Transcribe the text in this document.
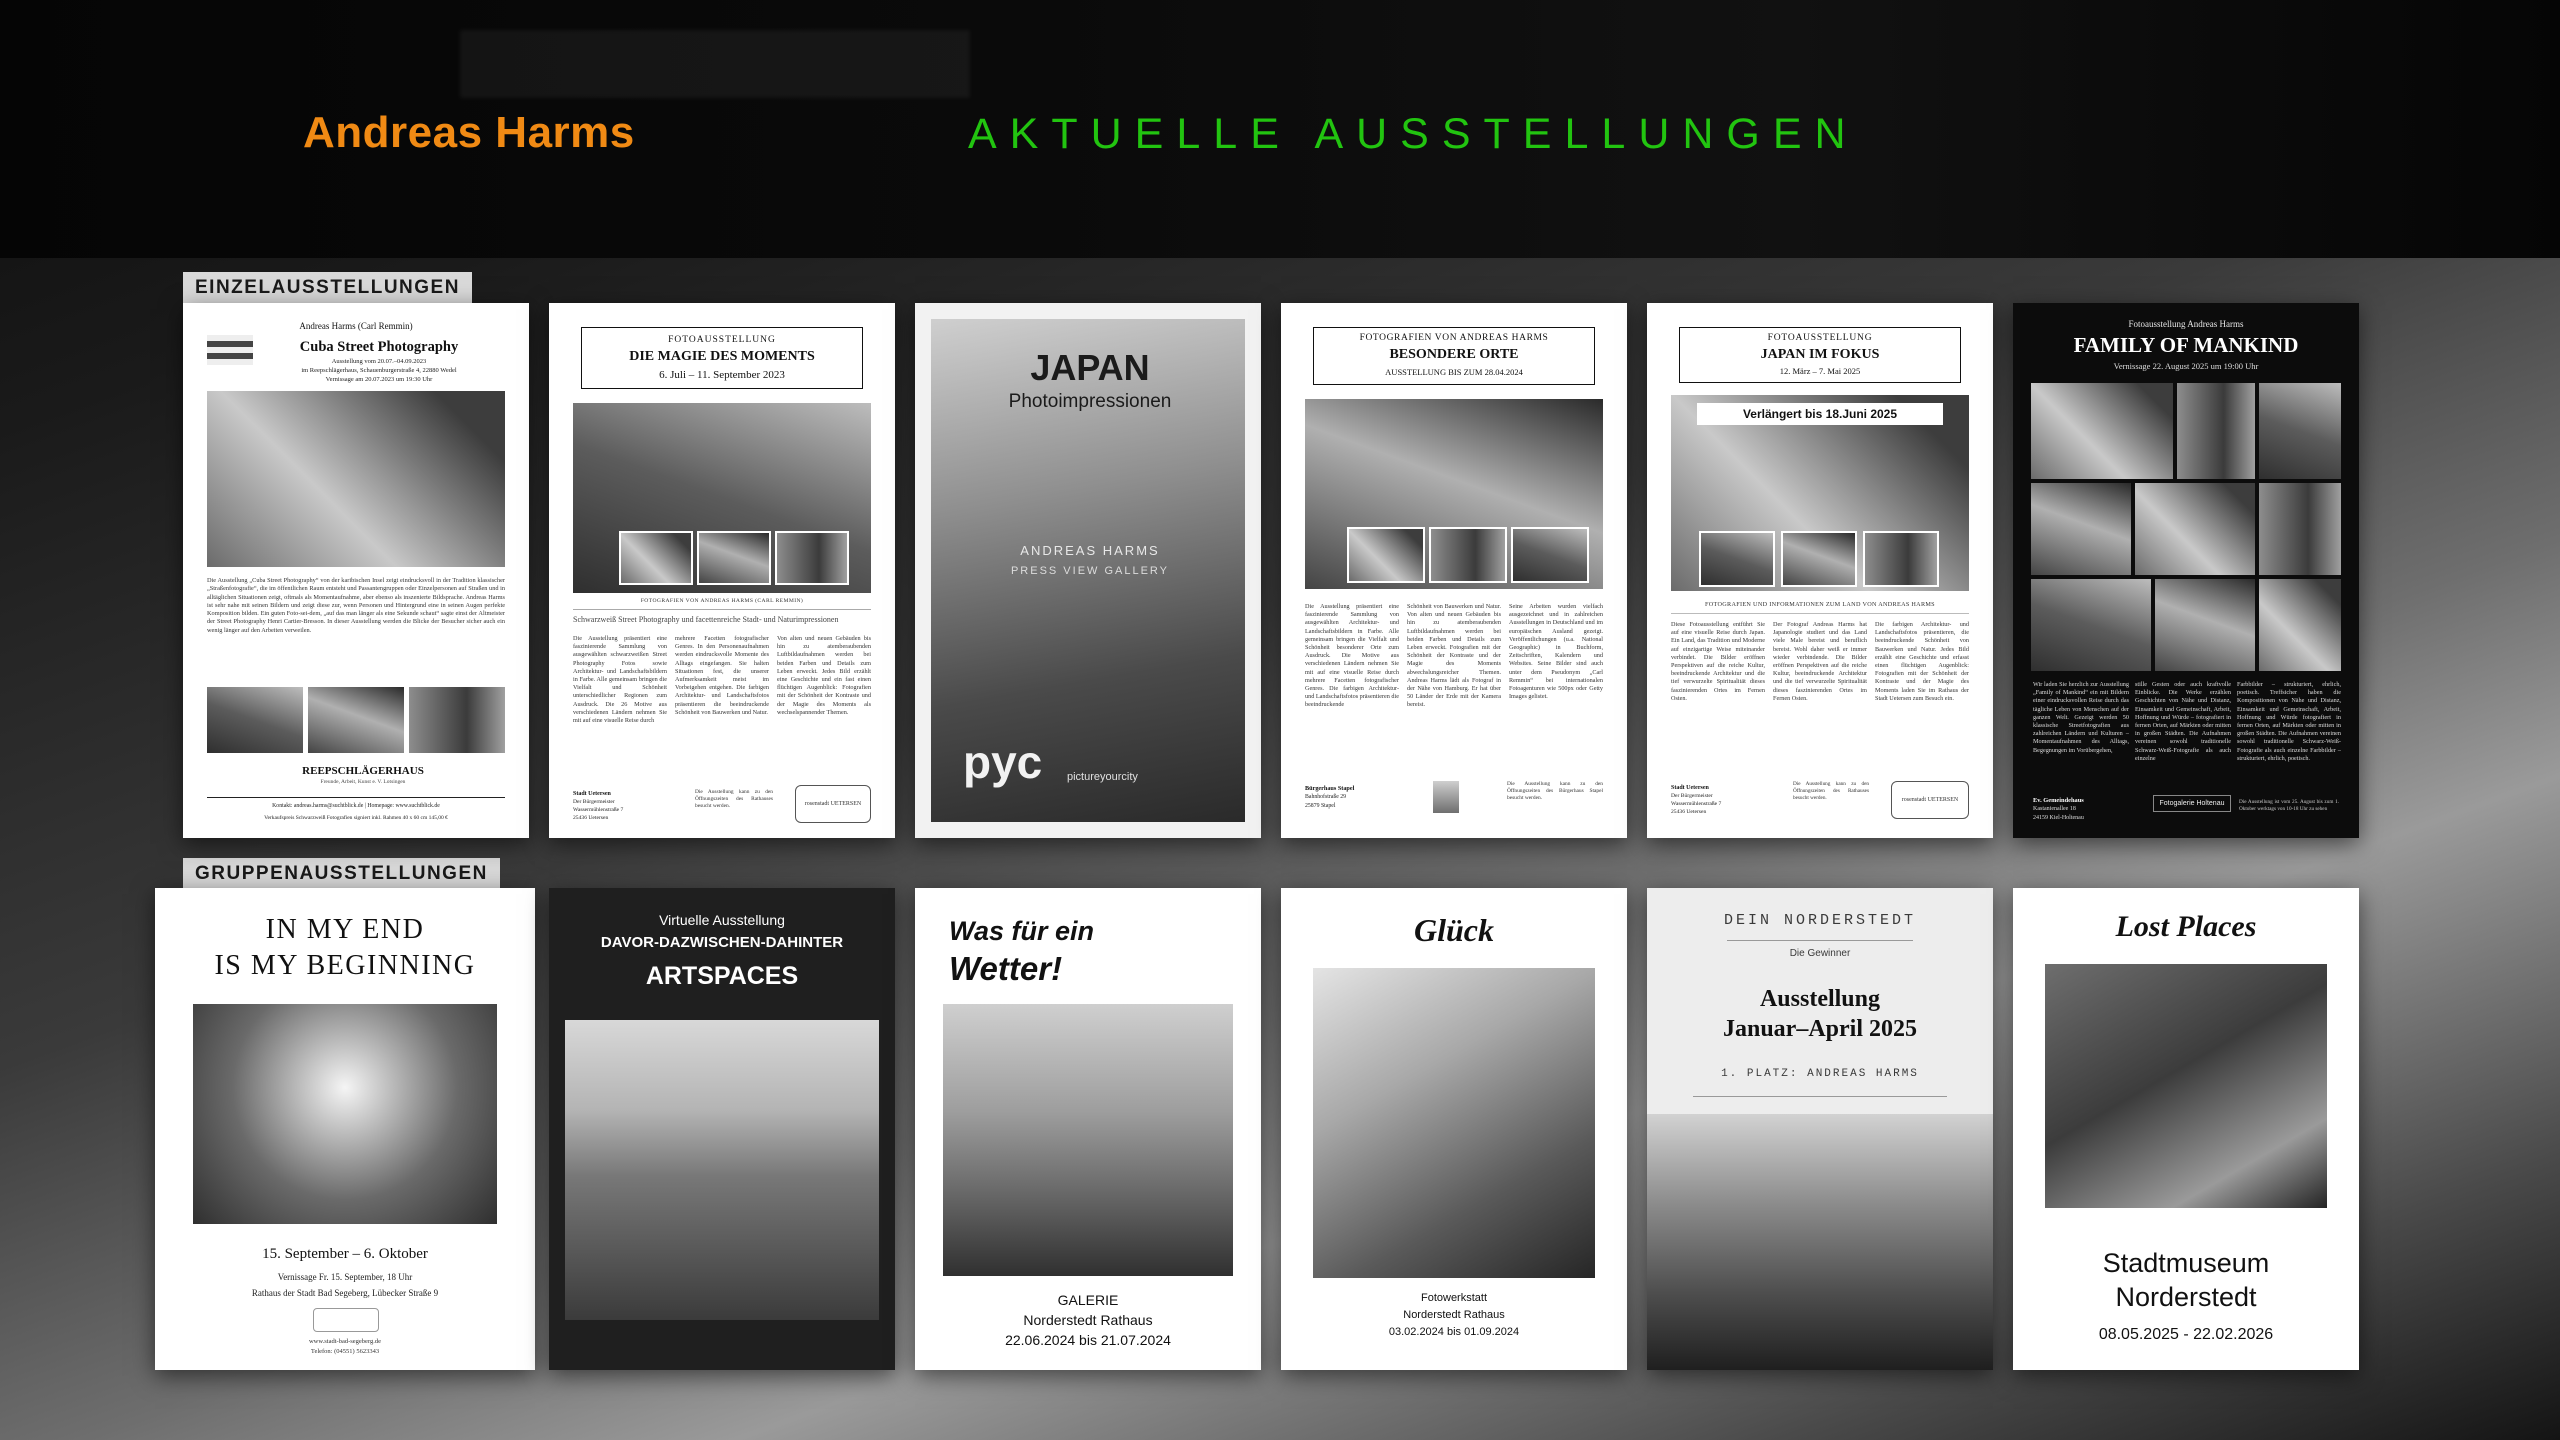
Andreas Harms	AKTUELLE AUSSTELLUNGEN
EINZELAUSSTELLUNGEN
GRUPPENAUSSTELLUNGEN
Andreas Harms (Carl Remmin)
Cuba Street Photography
Ausstellung vom 20.07.–04.09.2023
im Reepschlägerhaus, Schauenburgerstraße 4, 22880 Wedel
Vernissage am 20.07.2023 um 19:30 Uhr
Die Ausstellung „Cuba Street Photography“ von der karibischen Insel zeigt eindrucksvoll in der Tradition klassischer „Straßenfotografie“, die im öffentlichen Raum entsteht und Passantengruppen oder Einzelpersonen auf Straßen und in alltäglichen Situationen zeigt, oftmals als Momentaufnahme, aber ebenso als inszenierte Bildsprache. Andreas Harms ist sehr nahe mit seinen Bildern und zeigt diese zur, wenn Personen und Hintergrund eine in seinen Augen perfekte Komposition bilden. Ein guten Foto-sei-dem, „auf das man länger als eine Sekunde schaut“ sagte einst der Altmeister der Street Photography Henri Cartier-Bresson. In dieser Ausstellung werden die Blicke der Besucher sicher auch ein wenig länger auf den Arbeiten verweilen.
REEPSCHLÄGERHAUS
Freunde, Arbeit, Kunst e. V. Lotsingen
Kontakt: andreas.harms@suchtblick.de | Homepage: www.suchtblick.de
Verkaufspreis Schwarzweiß Fotografien signiert inkl. Rahmen 40 x 60 cm 145,00 €
FOTOAUSSTELLUNG
DIE MAGIE DES MOMENTS
6. Juli – 11. September 2023
FOTOGRAFIEN VON ANDREAS HARMS (CARL REMMIN)
Schwarzweiß Street Photography und facettenreiche Stadt- und Naturimpressionen
Die Ausstellung präsentiert eine faszinierende Sammlung von ausgewählten schwarzweißen Street Photography Fotos sowie Architektur- und Landschaftsbildern in Farbe. Alle gemeinsam bringen die Vielfalt und Schönheit unterschiedlicher Regionen zum Ausdruck. Die 26 Motive aus verschiedenen Ländern nehmen Sie mit auf eine visuelle Reise durch
mehrere Facetten fotografischer Genres. In den Personenaufnahmen werden eindrucksvolle Momente des Alltags eingefangen. Sie halten Situationen fest, die unserer Aufmerksamkeit meist im Vorbeigehen entgehen. Die farbigen Architektur- und Landschaftsfotos präsentieren die beeindruckende Schönheit von Bauwerken und Natur.
Von alten und neuen Gebäuden bis hin zu atemberaubenden Luftbildaufnahmen werden bei beiden Farben und Details zum Leben erweckt. Jedes Bild erzählt eine Geschichte und ein fast einen flüchtigen Augenblick: Fotografien mit der Schönheit der Kontraste und der Magie des Moments als wechselspannender Themen.
Stadt Uetersen
Der Bürgermeister
Wassermühlenstraße 7
25436 Uetersen
Die Ausstellung kann zu den Öffnungszeiten des Rathauses besucht werden.	rosenstadt UETERSEN
JAPAN
Photoimpressionen
ANDREAS HARMS
PRESS VIEW GALLERY
pyc pictureyourcity
FOTOGRAFIEN VON ANDREAS HARMS
BESONDERE ORTE
AUSSTELLUNG BIS ZUM 28.04.2024
Die Ausstellung präsentiert eine faszinierende Sammlung von ausgewählten Architektur- und Landschaftsbildern in Farbe. Alle gemeinsam bringen die Vielfalt und Schönheit besonderer Orte zum Ausdruck. Die Motive aus verschiedenen Ländern nehmen Sie mit auf eine visuelle Reise durch mehrere Facetten fotografischer Genres. Die farbigen Architektur- und Landschaftsfotos präsentieren die beeindruckende
Schönheit von Bauwerken und Natur. Von alten und neuen Gebäuden bis hin zu atemberaubenden Luftbildaufnahmen werden bei beiden Farben und Details zum Leben erweckt. Fotografien mit der Schönheit der Kontraste und der Magie des Moments abwechslungsreicher Themen. Andreas Harms lädt als Fotograf in der Nähe von Hamburg. Er hat über 50 Länder der Erde mit der Kamera bereist.
Seine Arbeiten wurden vielfach ausgezeichnet und in zahlreichen Ausstellungen in Deutschland und im europäischen Ausland gezeigt. Veröffentlichungen (u.a. National Geographic) in Buchform, Zeitschriften, Kalendern und Websites. Seine Bilder sind auch unter dem Pseudonym „Carl Remmin“ bei internationalen Fotoagenturen wie 500px oder Getty Images gelistet.
Bürgerhaus Stapel
Bahnhofstraße 29
25879 Stapel
Die Ausstellung kann zu den Öffnungszeiten des Bürgerhaus Stapel besucht werden.
FOTOAUSSTELLUNG
JAPAN IM FOKUS
12. März – 7. Mai 2025
Verlängert bis 18.Juni 2025
FOTOGRAFIEN UND INFORMATIONEN ZUM LAND VON ANDREAS HARMS
Diese Fotoausstellung entführt Sie auf eine visuelle Reise durch Japan. Ein Land, das Tradition und Moderne auf einzigartige Weise miteinander verbindet. Die Bilder eröffnen Perspektiven auf die reiche Kultur, beeindruckende Architektur und die tief verwurzelte Spiritualität dieses faszinierenden Ortes im Fernen Osten.
Der Fotograf Andreas Harms hat Japanologie studiert und das Land viele Male bereist und beruflich bereist. Wohl daher weiß er immer wieder verbindende. Die Bilder eröffnen Perspektiven auf die reiche Kultur, beeindruckende Architektur und die tief verwurzelte Spiritualität dieses faszinierenden Ortes im Fernen Osten.
Die farbigen Architektur- und Landschaftsfotos präsentieren, die beeindruckende Schönheit von Bauwerken und Natur. Jedes Bild erzählt eine Geschichte und erfasst einen flüchtigen Augenblick: Fotografien mit der Schönheit der Kontraste und der Magie des Moments laden Sie im Rathaus der Stadt Uetersen zum Besuch ein.
Stadt Uetersen
Der Bürgermeister
Wassermühlenstraße 7
25436 Uetersen
Die Ausstellung kann zu den Öffnungszeiten des Rathauses besucht werden.	rosenstadt UETERSEN
Fotoausstellung Andreas Harms
FAMILY OF MANKIND
Vernissage 22. August 2025 um 19:00 Uhr
Wir laden Sie herzlich zur Ausstellung „Family of Mankind“ ein mit Bildern einer eindrucksvollen Reise durch das tägliche Leben von Menschen auf der ganzen Welt. Gezeigt werden 50 klassische Streetfotografien aus zahlreichen Ländern und Kulturen – Momentaufnahmen des Alltags, Begegnungen im Vorübergehen,
stille Gesten oder auch kraftvolle Einblicke. Die Werke erzählen Geschichten von Nähe und Distanz, Einsamkeit und Gemeinschaft, Arbeit, Hoffnung und Würde – fotografiert in fernen Orten, auf Märkten oder mitten in großen Städten. Die Aufnahmen vereinen sowohl traditionelle Schwarz-Weiß-Fotografie als auch einzelne
Farbbilder – strukturiert, ehrlich, poetisch. Treffsicher haben die Kompositionen von Nähe und Distanz, Einsamkeit und Gemeinschaft, Arbeit, Hoffnung und Würde fotografiert in fernen Orten, auf Märkten oder mitten in großen Städten. Die Aufnahmen vereinen sowohl traditionelle Schwarz-Weiß-Fotografie als auch einzelne Farbbilder – strukturiert, ehrlich, poetisch.
Ev. Gemeindehaus
Kastanienallee 18
24159 Kiel-Holtenau
Fotogalerie Holtenau	Die Ausstellung ist vom 25. August bis zum 1. Oktober werktags von 10-18 Uhr zu sehen
IN MY END
IS MY BEGINNING
15. September – 6. Oktober
Vernissage Fr. 15. September, 18 Uhr
Rathaus der Stadt Bad Segeberg, Lübecker Straße 9
www.stadt-bad-segeberg.de
Telefon: (04551) 5623343
Virtuelle Ausstellung
DAVOR-DAZWISCHEN-DAHINTER
ARTSPACES
Was für ein
Wetter!
GALERIE
Norderstedt Rathaus
22.06.2024 bis 21.07.2024
Glück
Fotowerkstatt
Norderstedt Rathaus
03.02.2024 bis 01.09.2024
DEIN NORDERSTEDT
Die Gewinner
Ausstellung
Januar–April 2025
1. PLATZ: ANDREAS HARMS
Lost Places
Stadtmuseum
Norderstedt
08.05.2025 - 22.02.2026
